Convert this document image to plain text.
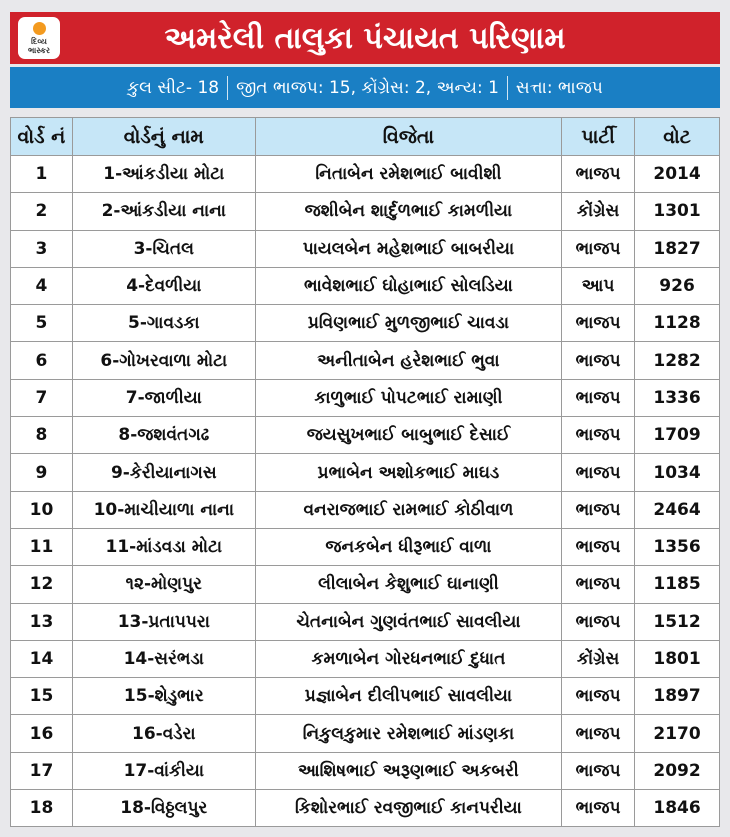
દિવ્ય
ભાસ્કર	અમરેલી તાલુકા પંચાયત પરિણામ
કુલ સીટ- 18 જીત ભાજપ: 15, કોંગ્રેસ: 2, અન્ય: 1 સત્તા: ભાજપ
વોર્ડ નં	વોર્ડનું નામ	વિજેતા	પાર્ટી	વોટ
1	1-આંકડીયા મોટા	નિતાબેન રમેશભાઈ બાવીશી	ભાજપ	2014
2	2-આંકડીયા નાના	જશીબેન શાર્દુળભાઈ કામળીયા	કોંગ્રેસ	1301
3	3-ચિતલ	પાયલબેન મહેશભાઈ બાબરીયા	ભાજપ	1827
4	4-દેવળીયા	ભાવેશભાઈ ઘોહાભાઈ સોલડિયા	આપ	926
5	5-ગાવડકા	પ્રવિણભાઈ મુળજીભાઈ ચાવડા	ભાજપ	1128
6	6-ગોખરવાળા મોટા	અનીતાબેન હરેશભાઈ ભુવા	ભાજપ	1282
7	7-જાળીયા	કાળુભાઈ પોપટભાઈ રામાણી	ભાજપ	1336
8	8-જશવંતગઢ	જયસુખભાઈ બાબુભાઈ દેસાઈ	ભાજપ	1709
9	9-કેરીયાનાગસ	પ્રભાબેન અશોકભાઈ માઘડ	ભાજપ	1034
10	10-માચીયાળા નાના	વનરાજભાઈ રામભાઈ કોઠીવાળ	ભાજપ	2464
11	11-માંડવડા મોટા	જનકબેન ધીરૂભાઈ વાળા	ભાજપ	1356
12	૧૨-મોણપુર	લીલાબેન કેશુભાઈ ઘાનાણી	ભાજપ	1185
13	13-પ્રતાપપરા	ચેતનાબેન ગુણવંતભાઈ સાવલીયા	ભાજપ	1512
14	14-સરંભડા	કમળાબેન ગોરધનભાઈ દુધાત	કોંગ્રેસ	1801
15	15-શેડુભાર	પ્રજ્ઞાબેન દીલીપભાઈ સાવલીયા	ભાજપ	1897
16	16-વડેરા	નિકુલકુમાર રમેશભાઈ માંડણકા	ભાજપ	2170
17	17-વાંકીયા	આશિષભાઈ અરૂણભાઈ અકબરી	ભાજપ	2092
18	18-વિઠ્ઠલપુર	કિશોરભાઈ રવજીભાઈ કાનપરીયા	ભાજપ	1846
